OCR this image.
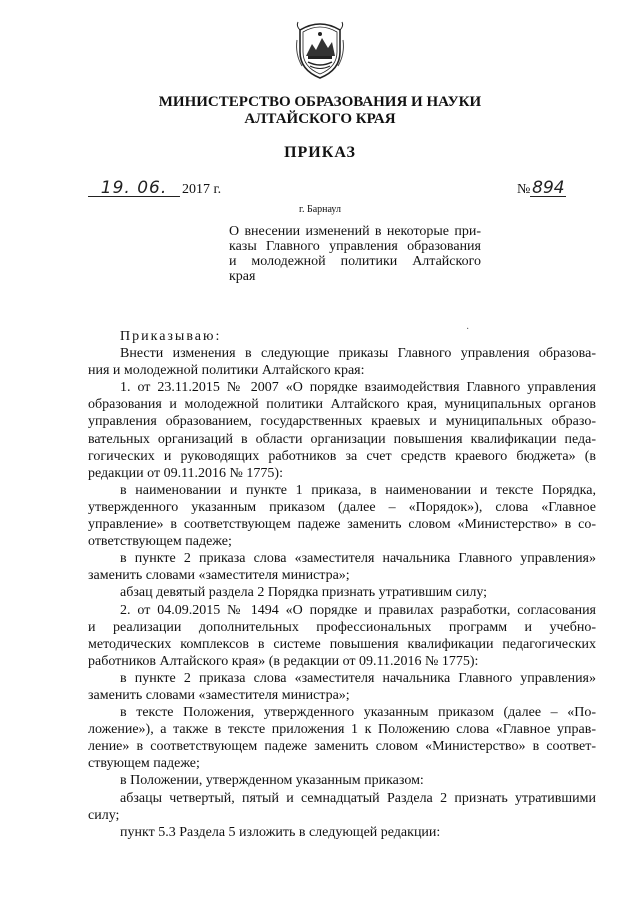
МИНИСТЕРСТВО ОБРАЗОВАНИЯ И НАУКИ
АЛТАЙСКОГО КРАЯ
ПРИКАЗ
19. 06. 2017 г.	№ 894
г. Барнаул
О внесении изменений в некоторые при-
казы Главного управления образования
и молодежной политики Алтайского
края
·
Приказываю:
Внести изменения в следующие приказы Главного управления образова-
ния и молодежной политики Алтайского края:
1. от 23.11.2015 № 2007 «О порядке взаимодействия Главного управления
образования и молодежной политики Алтайского края, муниципальных органов
управления образованием, государственных краевых и муниципальных образо-
вательных организаций в области организации повышения квалификации педа-
гогических и руководящих работников за счет средств краевого бюджета» (в
редакции от 09.11.2016 № 1775):
в наименовании и пункте 1 приказа, в наименовании и тексте Порядка,
утвержденного указанным приказом (далее – «Порядок»), слова «Главное
управление» в соответствующем падеже заменить словом «Министерство» в со-
ответствующем падеже;
в пункте 2 приказа слова «заместителя начальника Главного управления»
заменить словами «заместителя министра»;
абзац девятый раздела 2 Порядка признать утратившим силу;
2. от 04.09.2015 № 1494 «О порядке и правилах разработки, согласования
и реализации дополнительных профессиональных программ и учебно-
методических комплексов в системе повышения квалификации педагогических
работников Алтайского края» (в редакции от 09.11.2016 № 1775):
в пункте 2 приказа слова «заместителя начальника Главного управления»
заменить словами «заместителя министра»;
в тексте Положения, утвержденного указанным приказом (далее – «По-
ложение»), а также в тексте приложения 1 к Положению слова «Главное управ-
ление» в соответствующем падеже заменить словом «Министерство» в соответ-
ствующем падеже;
в Положении, утвержденном указанным приказом:
абзацы четвертый, пятый и семнадцатый Раздела 2 признать утратившими
силу;
пункт 5.3 Раздела 5 изложить в следующей редакции:
